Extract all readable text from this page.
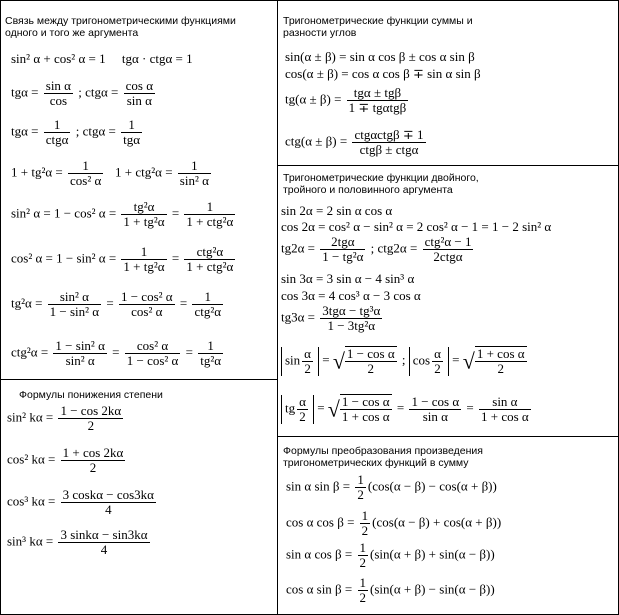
Связь между тригонометрическими функциями
одного и того же аргумента
sin² α + cos² α = 1 tgα · ctgα = 1
$tg\alpha = \frac{\text{sin α}}{\cos}$ ; $ctg\alpha = \frac{\text{cos α}}{\text{sin α}}$
tgα =	1
ctgα
; ctgα = 1
tgα
$1 + tg^2\alpha = \frac{1}{\text{cos² α}} 1 + ctg^2\alpha = \frac{1}{\text{sin² α}}$
sin² α = 1 − cos² $\alpha = \frac{\text{tg²α}}{\text{1 + tg²α}}$ =	1
1 + ctg²α
cos² α = 1 − sin² $\alpha = \frac{1}{\text{1 + tg²α}}$ =	ctg²α
1 + ctg²α
$tg^2\alpha = \frac{\text{sin² α}}{\text{1 − sin² α}} = \frac{\text{1 − cos² α}}{\text{cos² α}}$ =	1
ctg²α
$ctg^2\alpha = \frac{\text{1 − sin² α}}{\text{sin² α}} = \frac{\text{cos² α}}{\text{1 − cos² α}} = \frac{1}{\text{tg²α}}$
Формулы понижения степени
sin² $k\alpha = \frac{1 - \cos 2k\alpha}{2}$
cos² $k\alpha = \frac{1 + \cos 2k\alpha}{2}$
cos³ $k\alpha = \frac{3 \cos k\alpha - \cos 3k\alpha}{4}$
sin³ $k\alpha = \frac{3 \sin k\alpha - \sin 3k\alpha}{4}$
Тригонометрические функции суммы и
разности углов
sin(α ± β) = sin α cos β ± cos α sin β
cos(α ± β) = cos α cos β ∓ sin α sin β
tg(α ± β) = tgα ± tgβ
1 ∓ tgαtgβ
ctg(α ± β) = ctgαctgβ ∓ 1
ctgβ ± ctgα
Тригонометрические функции двойного,
тройного и половинного аргумента
sin 2α = 2 sin α cos α
cos 2α = cos² α − sin² α = 2 cos² α − 1 = 1 − 2 sin² α
tg2α =	2tgα
1 − tg²α
; ctg2α = ctg²α − 1
2ctgα
sin 3α = 3 sin α − 4 sin³ α
cos 3α = 4 cos³ α − 3 cos α
tg3α = 3tgα − tg³α
1 − 3tg²α
$\sin \frac{\alpha}{2}$ = √ $\frac{\text{1 − cos α}}{2}$ ; $\cos \frac{\alpha}{2}$ = √ $\frac{\text{1 + cos α}}{2}$
tg $\frac{\alpha}{2}$ = √ $\frac{\text{1 − cos α}}{\text{1 + cos α}} = \frac{\text{1 − cos α}}{\text{sin α}} = \frac{\text{sin α}}{\text{1 + cos α}}$
Формулы преобразования произведения
тригонометрических функций в сумму
sin α $\sin \beta = \frac{1}{2} (\cos(\alpha - \beta) - \cos(\alpha + \beta))$
cos α $\cos \beta = \frac{1}{2} (\cos(\alpha - \beta) + \cos(\alpha + \beta))$
sin α $\cos \beta = \frac{1}{2} (\sin(\alpha + \beta) + \sin(\alpha - \beta))$
cos α $\sin \beta = \frac{1}{2} (\sin(\alpha + \beta) - \sin(\alpha - \beta))$
